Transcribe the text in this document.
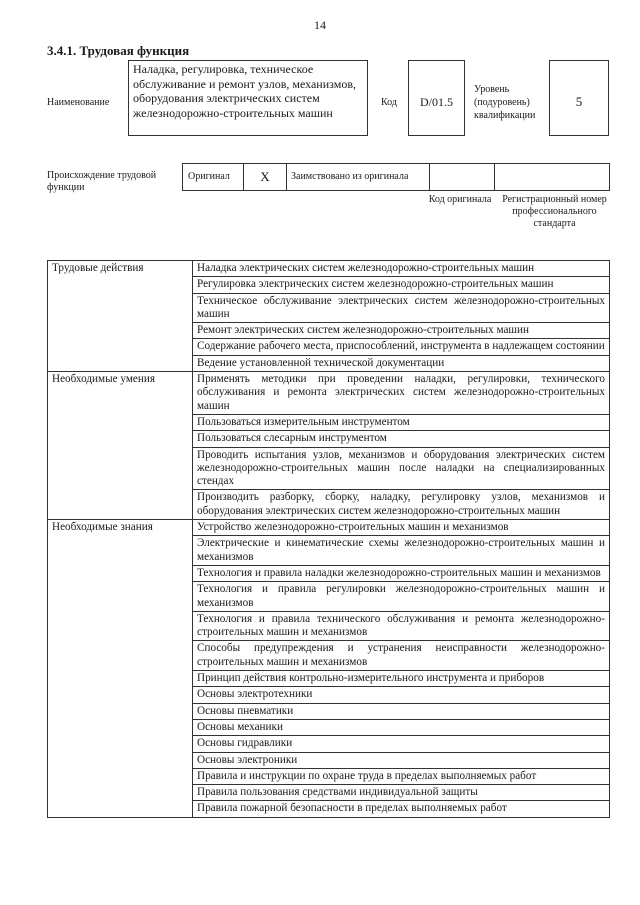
14
3.4.1. Трудовая функция
Наименование
Наладка, регулировка, техническое обслуживание и ремонт узлов, механизмов, оборудования электрических систем железнодорожно-строительных машин
Код	D/01.5
Уровень (подуровень) квалификации
5
Происхождение трудовой функции
Оригинал	X	Заимствовано из оригинала
Код оригинала	Регистрационный номер профессионального стандарта
Трудовые действия	Наладка электрических систем железнодорожно-строительных машин
	Регулировка электрических систем железнодорожно-строительных машин
	Техническое обслуживание электрических систем железнодорожно-строительных машин
	Ремонт электрических систем железнодорожно-строительных машин
	Содержание рабочего места, приспособлений, инструмента в надлежащем состоянии
	Ведение установленной технической документации
Необходимые умения	Применять методики при проведении наладки, регулировки, технического обслуживания и ремонта электрических систем железнодорожно-строительных машин
	Пользоваться измерительным инструментом
	Пользоваться слесарным инструментом
	Проводить испытания узлов, механизмов и оборудования электрических систем железнодорожно-строительных машин после наладки на специализированных стендах
	Производить разборку, сборку, наладку, регулировку узлов, механизмов и оборудования электрических систем железнодорожно-строительных машин
Необходимые знания	Устройство железнодорожно-строительных машин и механизмов
	Электрические и кинематические схемы железнодорожно-строительных машин и механизмов
	Технология и правила наладки железнодорожно-строительных машин и механизмов
	Технология и правила регулировки железнодорожно-строительных машин и механизмов
	Технология и правила технического обслуживания и ремонта железнодорожно-строительных машин и механизмов
	Способы предупреждения и устранения неисправности железнодорожно-строительных машин и механизмов
	Принцип действия контрольно-измерительного инструмента и приборов
	Основы электротехники
	Основы пневматики
	Основы механики
	Основы гидравлики
	Основы электроники
	Правила и инструкции по охране труда в пределах выполняемых работ
	Правила пользования средствами индивидуальной защиты
	Правила пожарной безопасности в пределах выполняемых работ
